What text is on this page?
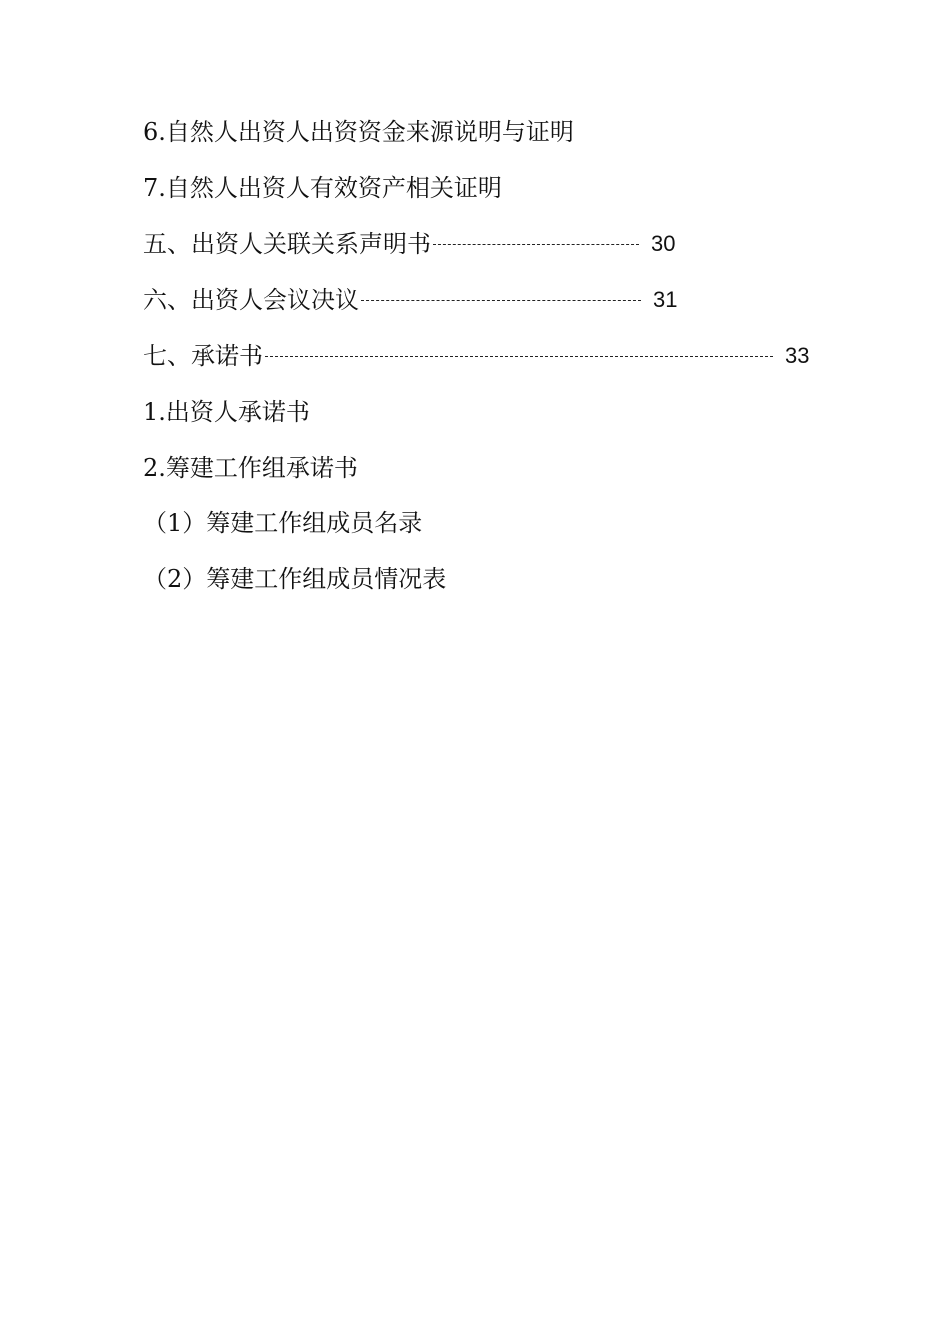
6.自然人出资人出资资金来源说明与证明
7.自然人出资人有效资产相关证明
五、出资人关联关系声明书	30
六、出资人会议决议	31
七、承诺书	33
1.出资人承诺书
2.筹建工作组承诺书
（1）筹建工作组成员名录
（2）筹建工作组成员情况表
